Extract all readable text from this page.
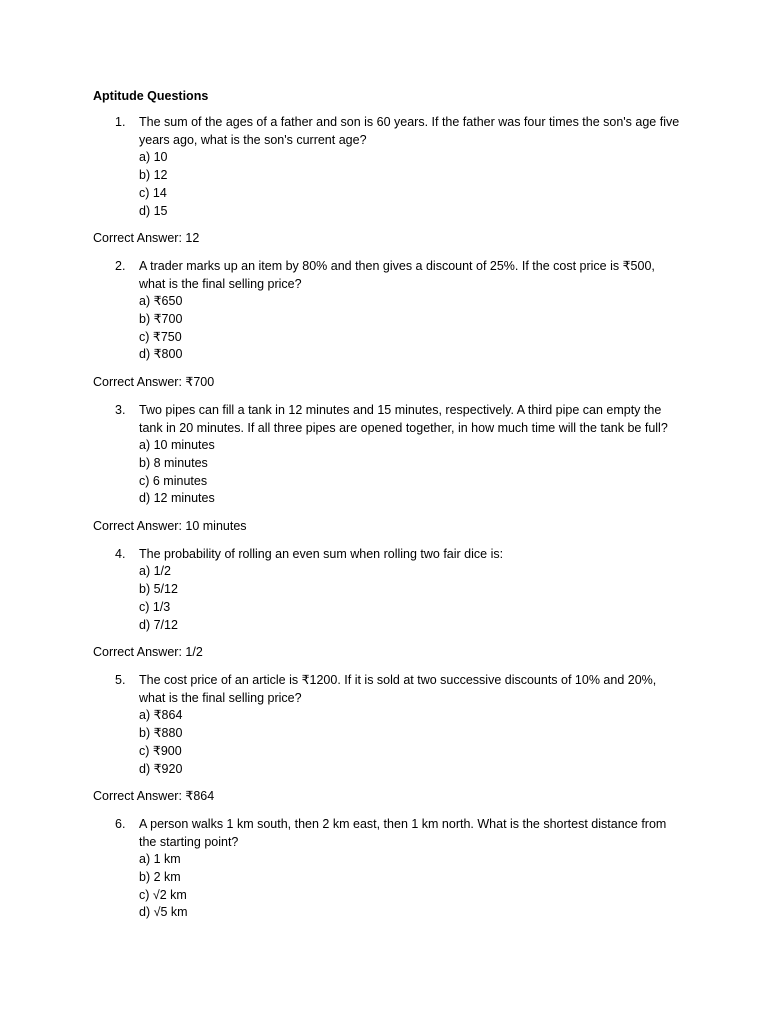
Aptitude Questions
1. The sum of the ages of a father and son is 60 years. If the father was four times the son's age five years ago, what is the son's current age?

a) 10
b) 12
c) 14
d) 15

Correct Answer: 12

2. A trader marks up an item by 80% and then gives a discount of 25%. If the cost price is ₹500, what is the final selling price?

a) ₹650
b) ₹700
c) ₹750
d) ₹800

Correct Answer: ₹700

3. Two pipes can fill a tank in 12 minutes and 15 minutes, respectively. A third pipe can empty the tank in 20 minutes. If all three pipes are opened together, in how much time will the tank be full?

a) 10 minutes
b) 8 minutes
c) 6 minutes
d) 12 minutes

Correct Answer: 10 minutes

4. The probability of rolling an even sum when rolling two fair dice is:

a) 1/2
b) 5/12
c) 1/3
d) 7/12

Correct Answer: 1/2

5. The cost price of an article is ₹1200. If it is sold at two successive discounts of 10% and 20%, what is the final selling price?

a) ₹864
b) ₹880
c) ₹900
d) ₹920

Correct Answer: ₹864

6. A person walks 1 km south, then 2 km east, then 1 km north. What is the shortest distance from the starting point?

a) 1 km
b) 2 km
c) √2 km
d) √5 km
